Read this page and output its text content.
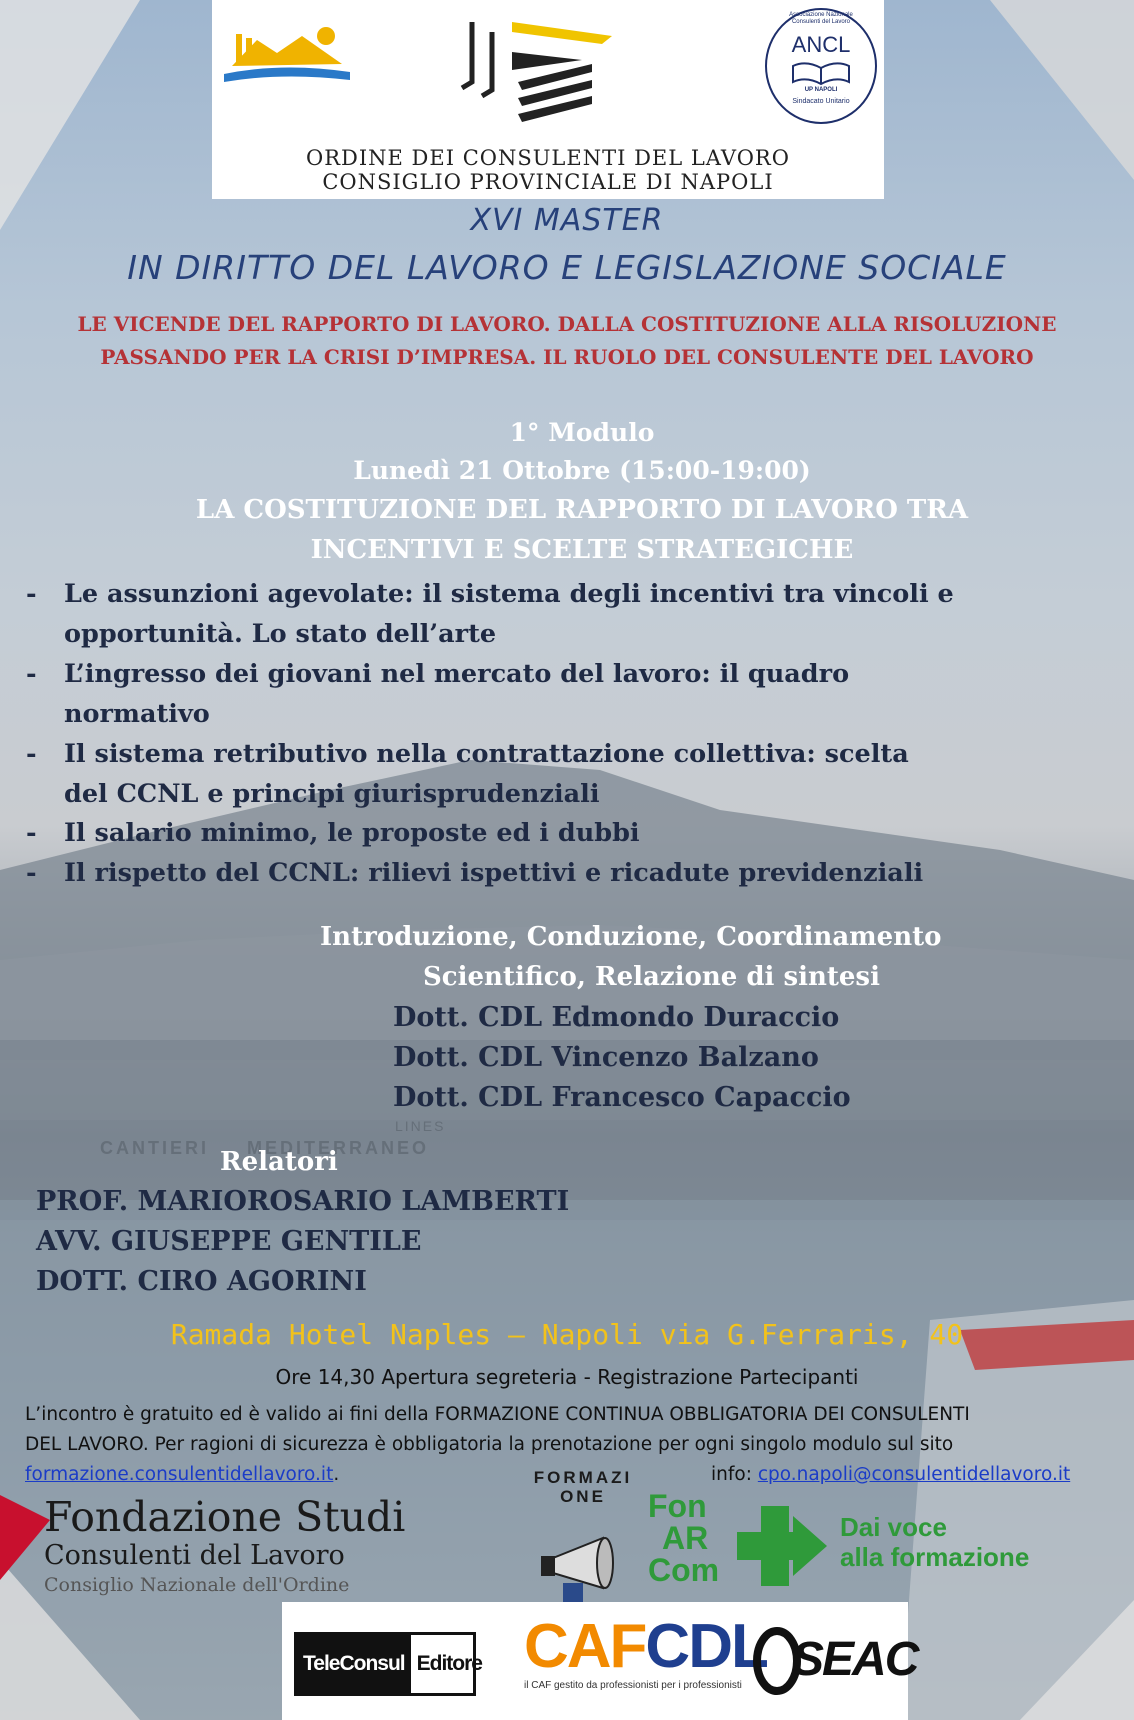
CANTIERI MEDITERRANEO
LINES
ORDINE DEI CONSULENTI DEL LAVORO
CONSIGLIO PROVINCIALE DI NAPOLI
Associazione Nazionale Consulenti del Lavoro
ANCL
UP NAPOLI
Sindacato Unitario
XVI MASTER
IN DIRITTO DEL LAVORO E LEGISLAZIONE SOCIALE
LE VICENDE DEL RAPPORTO DI LAVORO. DALLA COSTITUZIONE ALLA RISOLUZIONE
PASSANDO PER LA CRISI D’IMPRESA. IL RUOLO DEL CONSULENTE DEL LAVORO
1° Modulo
Lunedì 21 Ottobre (15:00-19:00)
LA COSTITUZIONE DEL RAPPORTO DI LAVORO TRA
INCENTIVI E SCELTE STRATEGICHE
- Le assunzioni agevolate: il sistema degli incentivi tra vincoli e
opportunità. Lo stato dell’arte
- L’ingresso dei giovani nel mercato del lavoro: il quadro
normativo
- Il sistema retributivo nella contrattazione collettiva: scelta
del CCNL e principi giurisprudenziali
- Il salario minimo, le proposte ed i dubbi
- Il rispetto del CCNL: rilievi ispettivi e ricadute previdenziali
Introduzione, Conduzione, Coordinamento
Scientifico, Relazione di sintesi
Dott. CDL Edmondo Duraccio
Dott. CDL Vincenzo Balzano
Dott. CDL Francesco Capaccio
Relatori
PROF. MARIOROSARIO LAMBERTI
AVV. GIUSEPPE GENTILE
DOTT. CIRO AGORINI
Ramada Hotel Naples – Napoli via G.Ferraris, 40
Ore 14,30 Apertura segreteria - Registrazione Partecipanti
L’incontro è gratuito ed è valido ai fini della FORMAZIONE CONTINUA OBBLIGATORIA DEI CONSULENTI
DEL LAVORO. Per ragioni di sicurezza è obbligatoria la prenotazione per ogni singolo modulo sul sito
formazione.consulentidellavoro.it.	info: cpo.napoli@consulentidellavoro.it
Fondazione Studi
Consulenti del Lavoro
Consiglio Nazionale dell'Ordine
FORMAZIONE	Fon
AR
Com
Dai voce
alla formazione
TeleConsul Editore CAFCDL
il CAF gestito da professionisti per i professionisti SEAC
